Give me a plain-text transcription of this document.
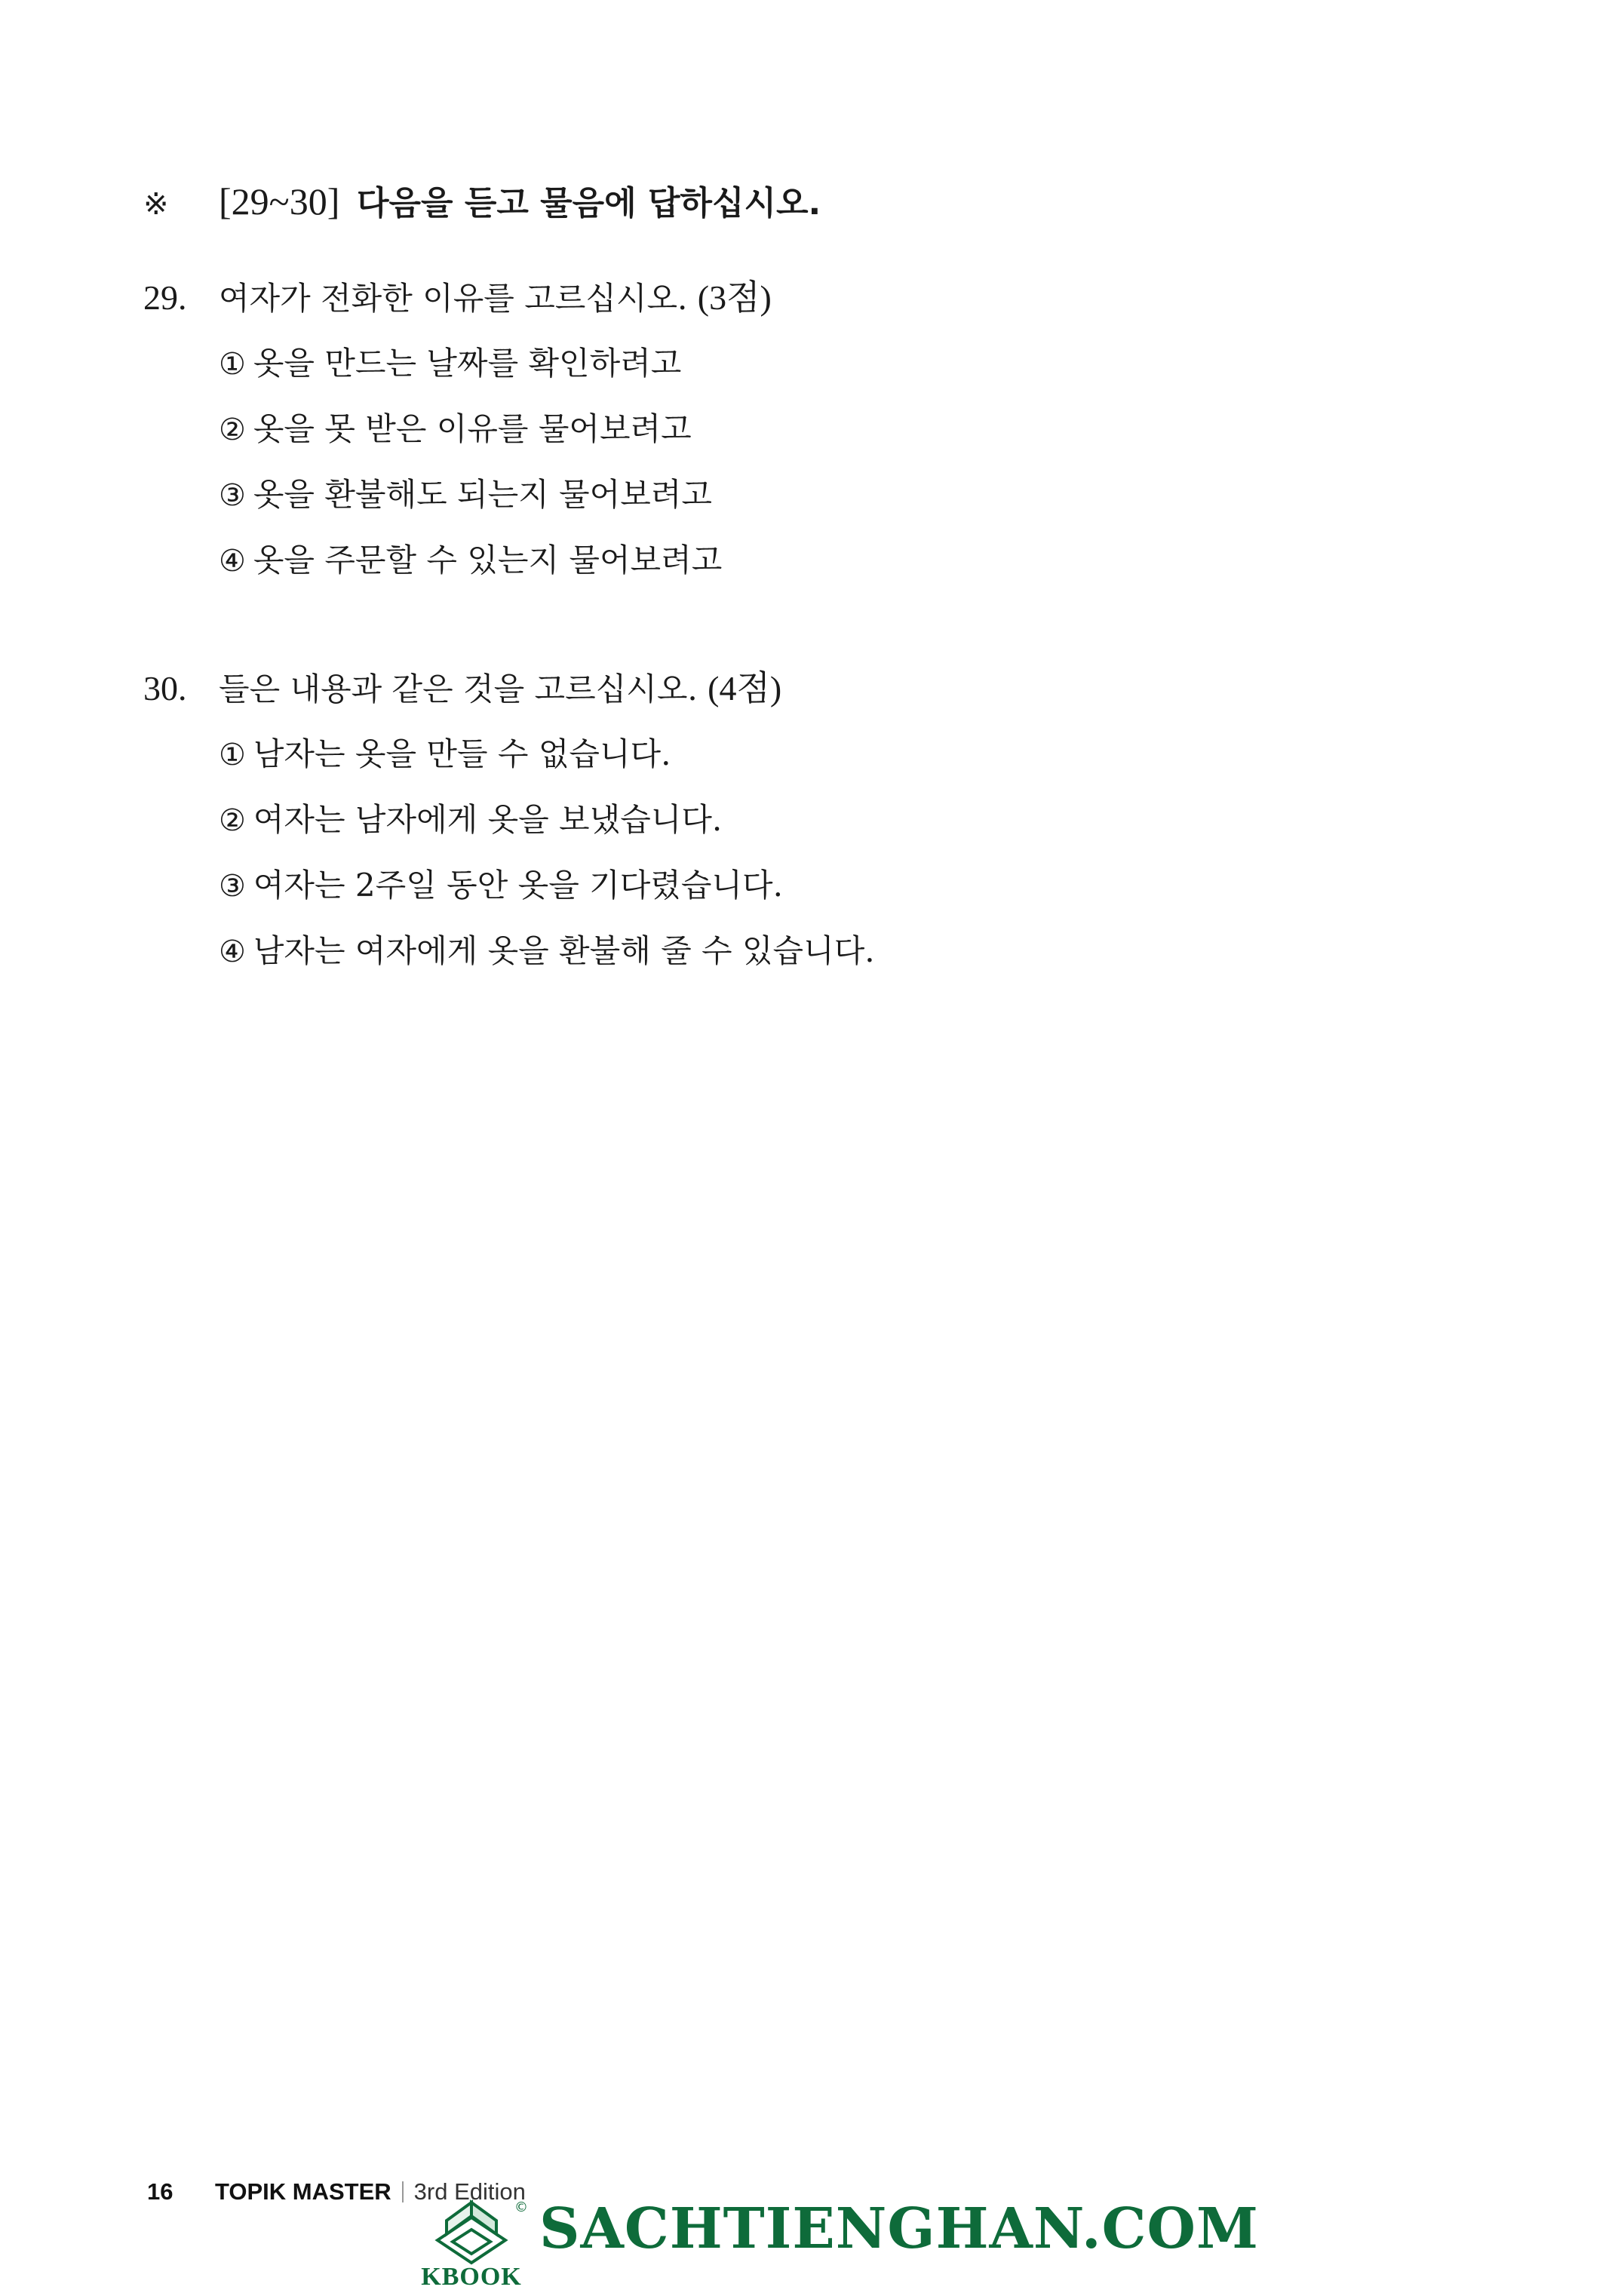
※ [29~30] 다음을 듣고 물음에 답하십시오.
29. 여자가 전화한 이유를 고르십시오. (3점)
① 옷을 만드는 날짜를 확인하려고
② 옷을 못 받은 이유를 물어보려고
③ 옷을 환불해도 되는지 물어보려고
④ 옷을 주문할 수 있는지 물어보려고
30. 들은 내용과 같은 것을 고르십시오. (4점)
① 남자는 옷을 만들 수 없습니다.
② 여자는 남자에게 옷을 보냈습니다.
③ 여자는 2주일 동안 옷을 기다렸습니다.
④ 남자는 여자에게 옷을 환불해 줄 수 있습니다.
16 TOPIK MASTER 3rd Edition
©
KBOOK
SACHTIENGHAN.COM
